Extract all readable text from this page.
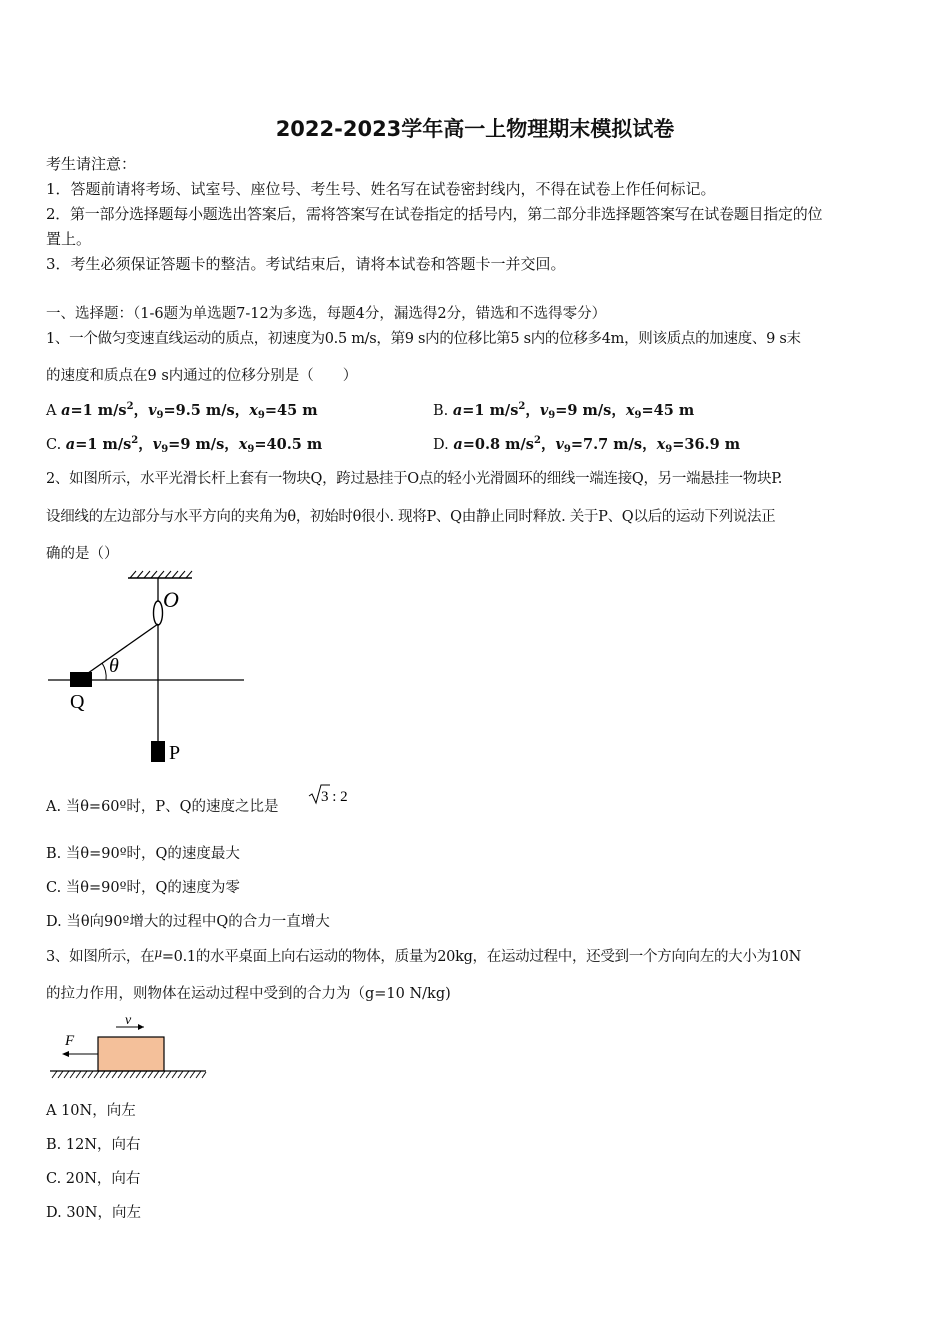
2022-2023学年高一上物理期末模拟试卷
考生请注意：
1．答题前请将考场、试室号、座位号、考生号、姓名写在试卷密封线内，不得在试卷上作任何标记。
2．第一部分选择题每小题选出答案后，需将答案写在试卷指定的括号内，第二部分非选择题答案写在试卷题目指定的位
置上。
3．考生必须保证答题卡的整洁。考试结束后，请将本试卷和答题卡一并交回。
一、选择题：（1-6题为单选题7-12为多选，每题4分，漏选得2分，错选和不选得零分）
1、一个做匀变速直线运动的质点，初速度为0.5 m/s，第9 s内的位移比第5 s内的位移多4m，则该质点的加速度、9 s末
的速度和质点在9 s内通过的位移分别是（　　）
A a=1 $m/s^2$，$v_9=9.5$ m/s，$x_9=45$ m	B. a=1 $m/s^2$，$v_9=9$ m/s，$x_9=45$ m
C. a=1 $m/s^2$，$v_9=9$ m/s，$x_9=40.5$ m	D. a=0.8 $m/s^2$，$v_9=7.7$ m/s，$x_9=36.9$ m
2、如图所示，水平光滑长杆上套有一物块Q，跨过悬挂于O点的轻小光滑圆环的细线一端连接Q，另一端悬挂一物块P.
设细线的左边部分与水平方向的夹角为θ，初始时θ很小. 现将P、Q由静止同时释放. 关于P、Q以后的运动下列说法正
确的是（）
O
θ
Q
P
A. 当θ=60º时，P、Q的速度之比是
3 : 2
B. 当θ=90º时，Q的速度最大
C. 当θ=90º时，Q的速度为零
D. 当θ向90º增大的过程中Q的合力一直增大
3、如图所示，在$^\mu$=0.1的水平桌面上向右运动的物体，质量为20kg，在运动过程中，还受到一个方向向左的大小为10N
的拉力作用，则物体在运动过程中受到的合力为（g=10 N/kg)
v
F
A 10N，向左
B. 12N，向右
C. 20N，向右
D. 30N，向左
